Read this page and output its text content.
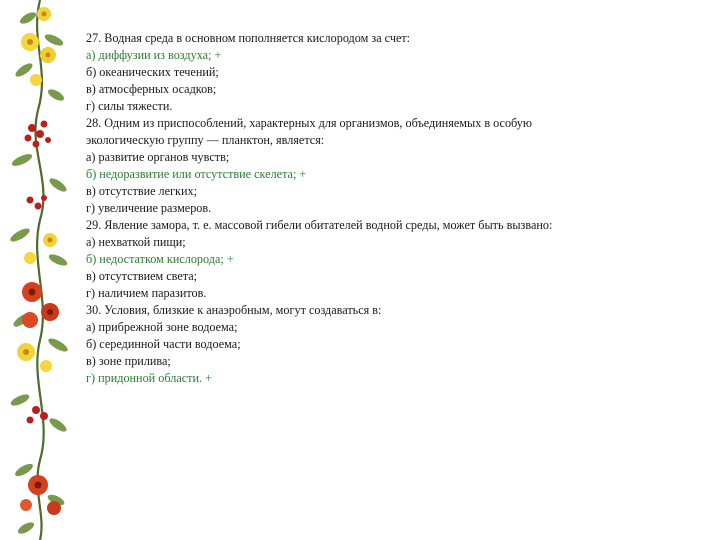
27. Водная среда в основном пополняется кислородом за счет:
а) диффузии из воздуха; +
б) океанических течений;
в) атмосферных осадков;
г) силы тяжести.
28. Одним из приспособлений, характерных для организмов, объединяемых в особую
экологическую группу — планктон, является:
а) развитие органов чувств;
б) недоразвитие или отсутствие скелета; +
в) отсутствие легких;
г) увеличение размеров.
29. Явление замора, т. е. массовой гибели обитателей водной среды, может быть вызвано:
а) нехваткой пищи;
б) недостатком кислорода; +
в) отсутствием света;
г) наличием паразитов.
30. Условия, близкие к анаэробным, могут создаваться в:
а) прибрежной зоне водоема;
б) серединной части водоема;
в) зоне прилива;
г) придонной области. +
